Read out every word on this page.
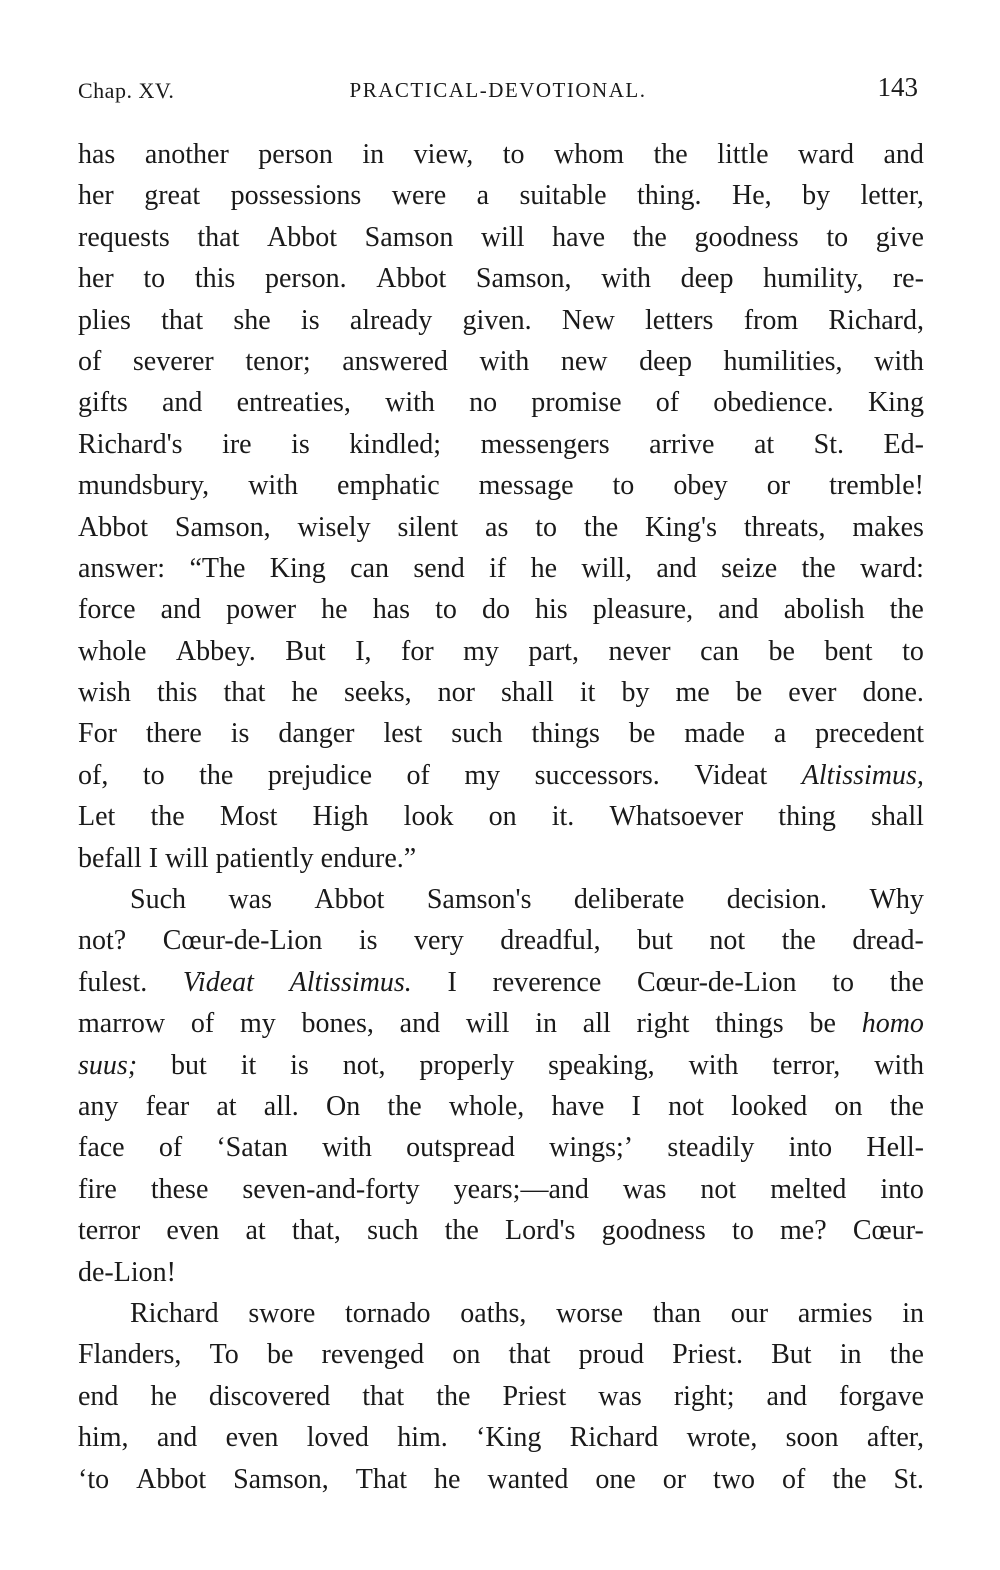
Chap. XV.	PRACTICAL-DEVOTIONAL.	143
has another person in view, to whom the little ward and
her great possessions were a suitable thing. He, by letter,
requests that Abbot Samson will have the goodness to give
her to this person. Abbot Samson, with deep humility, re-
plies that she is already given. New letters from Richard,
of severer tenor; answered with new deep humilities, with
gifts and entreaties, with no promise of obedience. King
Richard's ire is kindled; messengers arrive at St. Ed-
mundsbury, with emphatic message to obey or tremble!
Abbot Samson, wisely silent as to the King's threats, makes
answer: “The King can send if he will, and seize the ward:
force and power he has to do his pleasure, and abolish the
whole Abbey. But I, for my part, never can be bent to
wish this that he seeks, nor shall it by me be ever done.
For there is danger lest such things be made a precedent
of, to the prejudice of my successors. Videat Altissimus,
Let the Most High look on it. Whatsoever thing shall
befall
I
will
patiently
endure.”
Such was Abbot Samson's deliberate decision. Why
not? Cœur-de-Lion is very dreadful, but not the dread-
fulest. Videat Altissimus. I reverence Cœur-de-Lion to the
marrow of my bones, and will in all right things be homo
suus; but it is not, properly speaking, with terror, with
any fear at all. On the whole, have I not looked on the
face of ‘Satan with outspread wings;’ steadily into Hell-
fire these seven-and-forty years;—and was not melted into
terror even at that, such the Lord's goodness to me? Cœur-
de-Lion!
Richard swore tornado oaths, worse than our armies in
Flanders, To be revenged on that proud Priest. But in the
end he discovered that the Priest was right; and forgave
him, and even loved him. ‘King Richard wrote, soon after,
‘to Abbot Samson, That he wanted one or two of the St.
